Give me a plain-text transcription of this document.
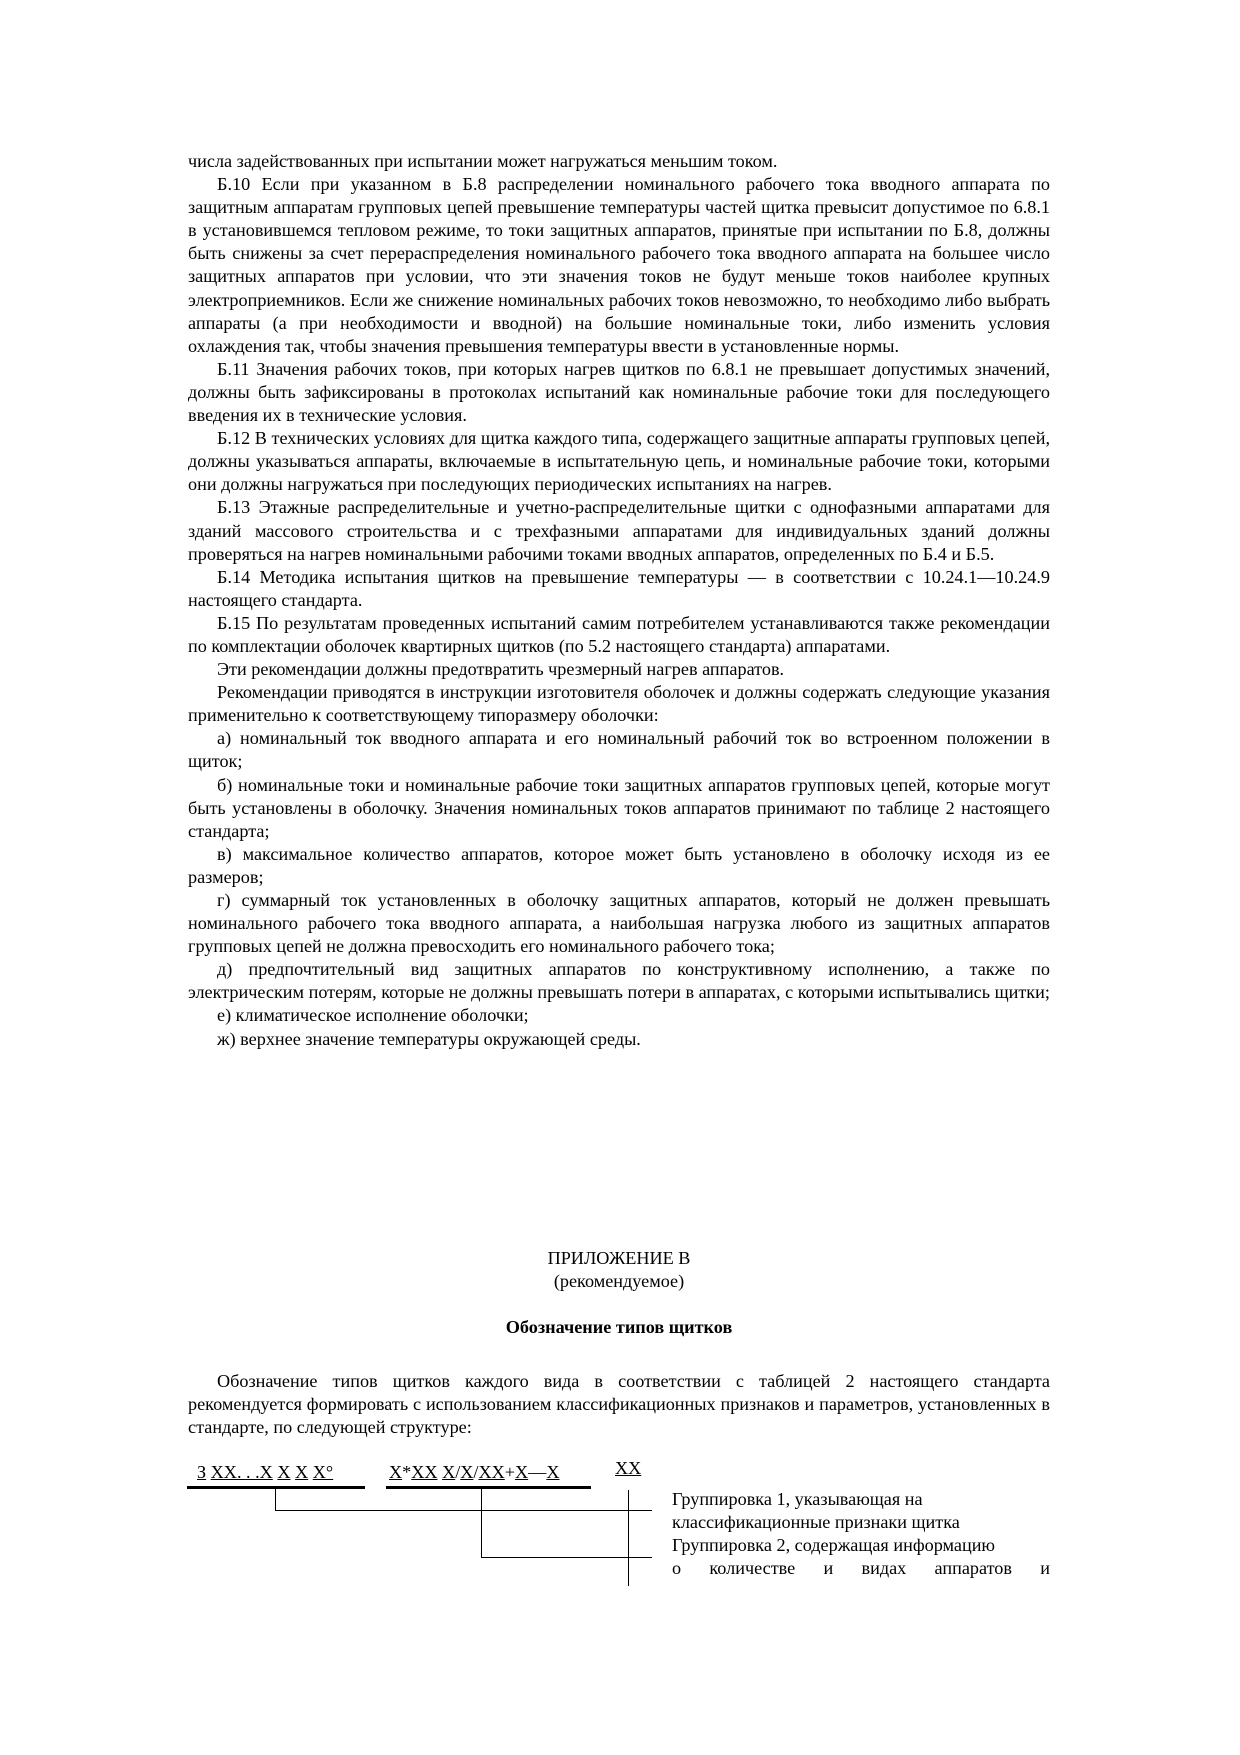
числа задействованных при испытании может нагружаться меньшим током.

Б.10 Если при указанном в Б.8 распределении номинального рабочего тока вводного аппарата по защитным аппаратам групповых цепей превышение температуры частей щитка превысит допустимое по 6.8.1 в установившемся тепловом режиме, то токи защитных аппаратов, принятые при испытании по Б.8, должны быть снижены за счет перераспределения номинального рабочего тока вводного аппарата на большее число защитных аппаратов при условии, что эти значения токов не будут меньше токов наиболее крупных электроприемников. Если же снижение номинальных рабочих токов невозможно, то необходимо либо выбрать аппараты (а при необходимости и вводной) на большие номинальные токи, либо изменить условия охлаждения так, чтобы значения превышения температуры ввести в установленные нормы.

Б.11 Значения рабочих токов, при которых нагрев щитков по 6.8.1 не превышает допустимых значений, должны быть зафиксированы в протоколах испытаний как номинальные рабочие токи для последующего введения их в технические условия.

Б.12 В технических условиях для щитка каждого типа, содержащего защитные аппараты групповых цепей, должны указываться аппараты, включаемые в испытательную цепь, и номинальные рабочие токи, которыми они должны нагружаться при последующих периодических испытаниях на нагрев.

Б.13 Этажные распределительные и учетно-распределительные щитки с однофазными аппаратами для зданий массового строительства и с трехфазными аппаратами для индивидуальных зданий должны проверяться на нагрев номинальными рабочими токами вводных аппаратов, определенных по Б.4 и Б.5.

Б.14 Методика испытания щитков на превышение температуры — в соответствии с 10.24.1—10.24.9 настоящего стандарта.

Б.15 По результатам проведенных испытаний самим потребителем устанавливаются также рекомендации по комплектации оболочек квартирных щитков (по 5.2 настоящего стандарта) аппаратами.

Эти рекомендации должны предотвратить чрезмерный нагрев аппаратов.

Рекомендации приводятся в инструкции изготовителя оболочек и должны содержать следующие указания применительно к соответствующему типоразмеру оболочки:

а) номинальный ток вводного аппарата и его номинальный рабочий ток во встроенном положении в щиток;

б) номинальные токи и номинальные рабочие токи защитных аппаратов групповых цепей, которые могут быть установлены в оболочку. Значения номинальных токов аппаратов принимают по таблице 2 настоящего стандарта;

в) максимальное количество аппаратов, которое может быть установлено в оболочку исходя из ее размеров;

г) суммарный ток установленных в оболочку защитных аппаратов, который не должен превышать номинального рабочего тока вводного аппарата, а наибольшая нагрузка любого из защитных аппаратов групповых цепей не должна превосходить его номинального рабочего тока;

д) предпочтительный вид защитных аппаратов по конструктивному исполнению, а также по электрическим потерям, которые не должны превышать потери в аппаратах, с которыми испытывались щитки;

е) климатическое исполнение оболочки;

ж) верхнее значение температуры окружающей среды.

ПРИЛОЖЕНИЕ В
(рекомендуемое)
Обозначение типов щитков

Обозначение типов щитков каждого вида в соответствии с таблицей 2 настоящего стандарта рекомендуется формировать с использованием классификационных признаков и параметров, установленных в стандарте, по следующей структуре:

З XX. . .X X X X°	X*XX X/X/XX+X—X	XX
Группировка 1, указывающая на
классификационные признаки щитка
Группировка 2, содержащая информацию
о количестве и видах аппаратов и
